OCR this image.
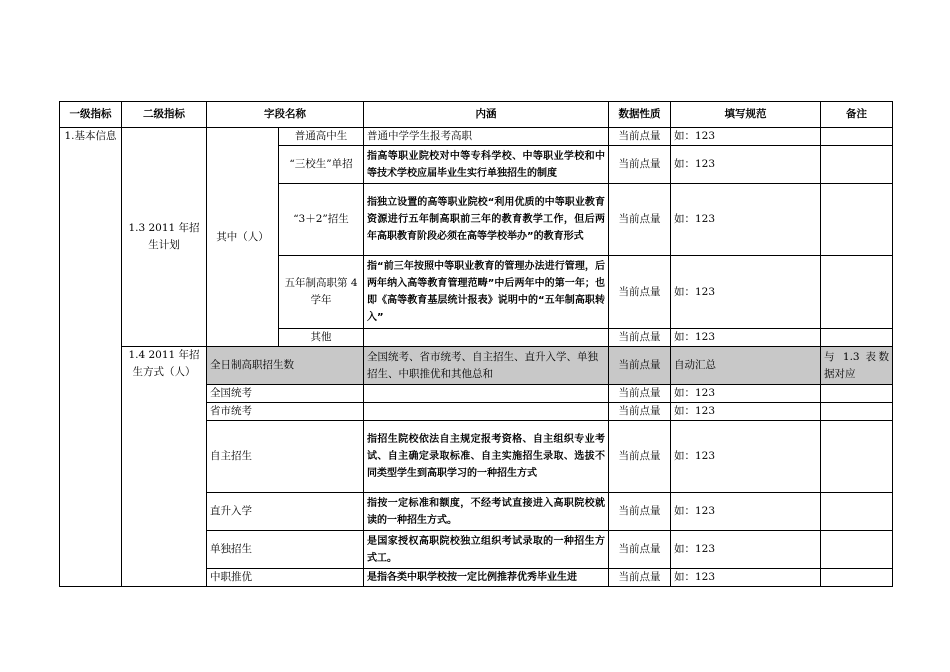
一级指标	二级指标	字段名称		内涵	数据性质	填写规范	备注
1.基本信息	1.3 2011 年招生计划	其中（人）	普通高中生	普通中学学生报考高职	当前点量	如：123	
			“三校生”单招	指高等职业院校对中等专科学校、中等职业学校和中等技术学校应届毕业生实行单独招生的制度	当前点量	如：123	
			“3＋2”招生	指独立设置的高等职业院校“利用优质的中等职业教育资源进行五年制高职前三年的教育教学工作，但后两年高职教育阶段必须在高等学校举办”的教育形式	当前点量	如：123	
			五年制高职第 4 学年	指“前三年按照中等职业教育的管理办法进行管理，后两年纳入高等教育管理范畴”中后两年中的第一年；也即《高等教育基层统计报表》说明中的“五年制高职转入”	当前点量	如：123	
			其他		当前点量	如：123	
	1.4 2011 年招生方式（人）	全日制高职招生数		全国统考、省市统考、自主招生、直升入学、单独招生、中职推优和其他总和	当前点量	自动汇总	与 1.3 表数据对应
		全国统考			当前点量	如：123	
		省市统考			当前点量	如：123	
		自主招生		指招生院校依法自主规定报考资格、自主组织专业考试、自主确定录取标准、自主实施招生录取、选拔不同类型学生到高职学习的一种招生方式	当前点量	如：123	
		直升入学		指按一定标准和额度，不经考试直接进入高职院校就读的一种招生方式。	当前点量	如：123	
		单独招生		是国家授权高职院校独立组织考试录取的一种招生方式工。	当前点量	如：123	
		中职推优		是指各类中职学校按一定比例推荐优秀毕业生进	当前点量	如：123	
